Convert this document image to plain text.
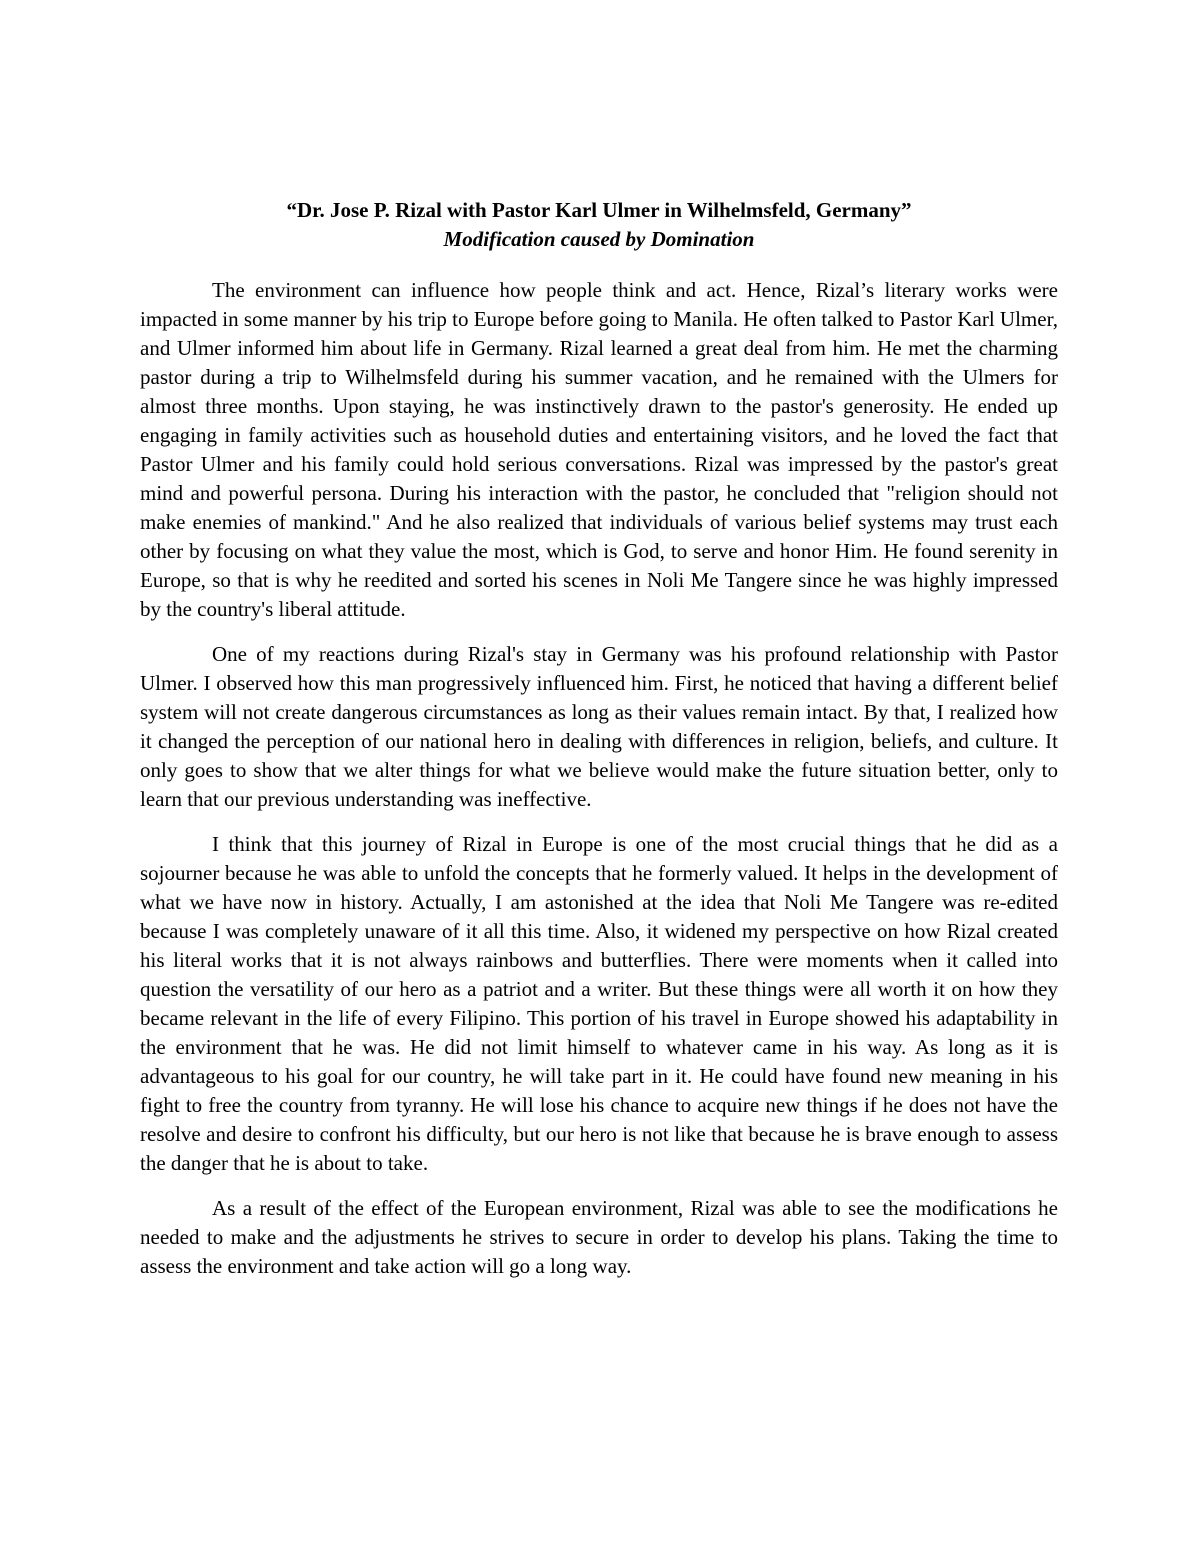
“Dr. Jose P. Rizal with Pastor Karl Ulmer in Wilhelmsfeld, Germany”
Modification caused by Domination

The environment can influence how people think and act. Hence, Rizal’s literary works were impacted in some manner by his trip to Europe before going to Manila. He often talked to Pastor Karl Ulmer, and Ulmer informed him about life in Germany. Rizal learned a great deal from him. He met the charming pastor during a trip to Wilhelmsfeld during his summer vacation, and he remained with the Ulmers for almost three months. Upon staying, he was instinctively drawn to the pastor's generosity. He ended up engaging in family activities such as household duties and entertaining visitors, and he loved the fact that Pastor Ulmer and his family could hold serious conversations. Rizal was impressed by the pastor's great mind and powerful persona. During his interaction with the pastor, he concluded that "religion should not make enemies of mankind." And he also realized that individuals of various belief systems may trust each other by focusing on what they value the most, which is God, to serve and honor Him. He found serenity in Europe, so that is why he reedited and sorted his scenes in Noli Me Tangere since he was highly impressed by the country's liberal attitude.

One of my reactions during Rizal's stay in Germany was his profound relationship with Pastor Ulmer. I observed how this man progressively influenced him. First, he noticed that having a different belief system will not create dangerous circumstances as long as their values remain intact. By that, I realized how it changed the perception of our national hero in dealing with differences in religion, beliefs, and culture. It only goes to show that we alter things for what we believe would make the future situation better, only to learn that our previous understanding was ineffective.

I think that this journey of Rizal in Europe is one of the most crucial things that he did as a sojourner because he was able to unfold the concepts that he formerly valued. It helps in the development of what we have now in history. Actually, I am astonished at the idea that Noli Me Tangere was re-edited because I was completely unaware of it all this time. Also, it widened my perspective on how Rizal created his literal works that it is not always rainbows and butterflies. There were moments when it called into question the versatility of our hero as a patriot and a writer. But these things were all worth it on how they became relevant in the life of every Filipino. This portion of his travel in Europe showed his adaptability in the environment that he was. He did not limit himself to whatever came in his way. As long as it is advantageous to his goal for our country, he will take part in it. He could have found new meaning in his fight to free the country from tyranny. He will lose his chance to acquire new things if he does not have the resolve and desire to confront his difficulty, but our hero is not like that because he is brave enough to assess the danger that he is about to take.

As a result of the effect of the European environment, Rizal was able to see the modifications he needed to make and the adjustments he strives to secure in order to develop his plans. Taking the time to assess the environment and take action will go a long way.
